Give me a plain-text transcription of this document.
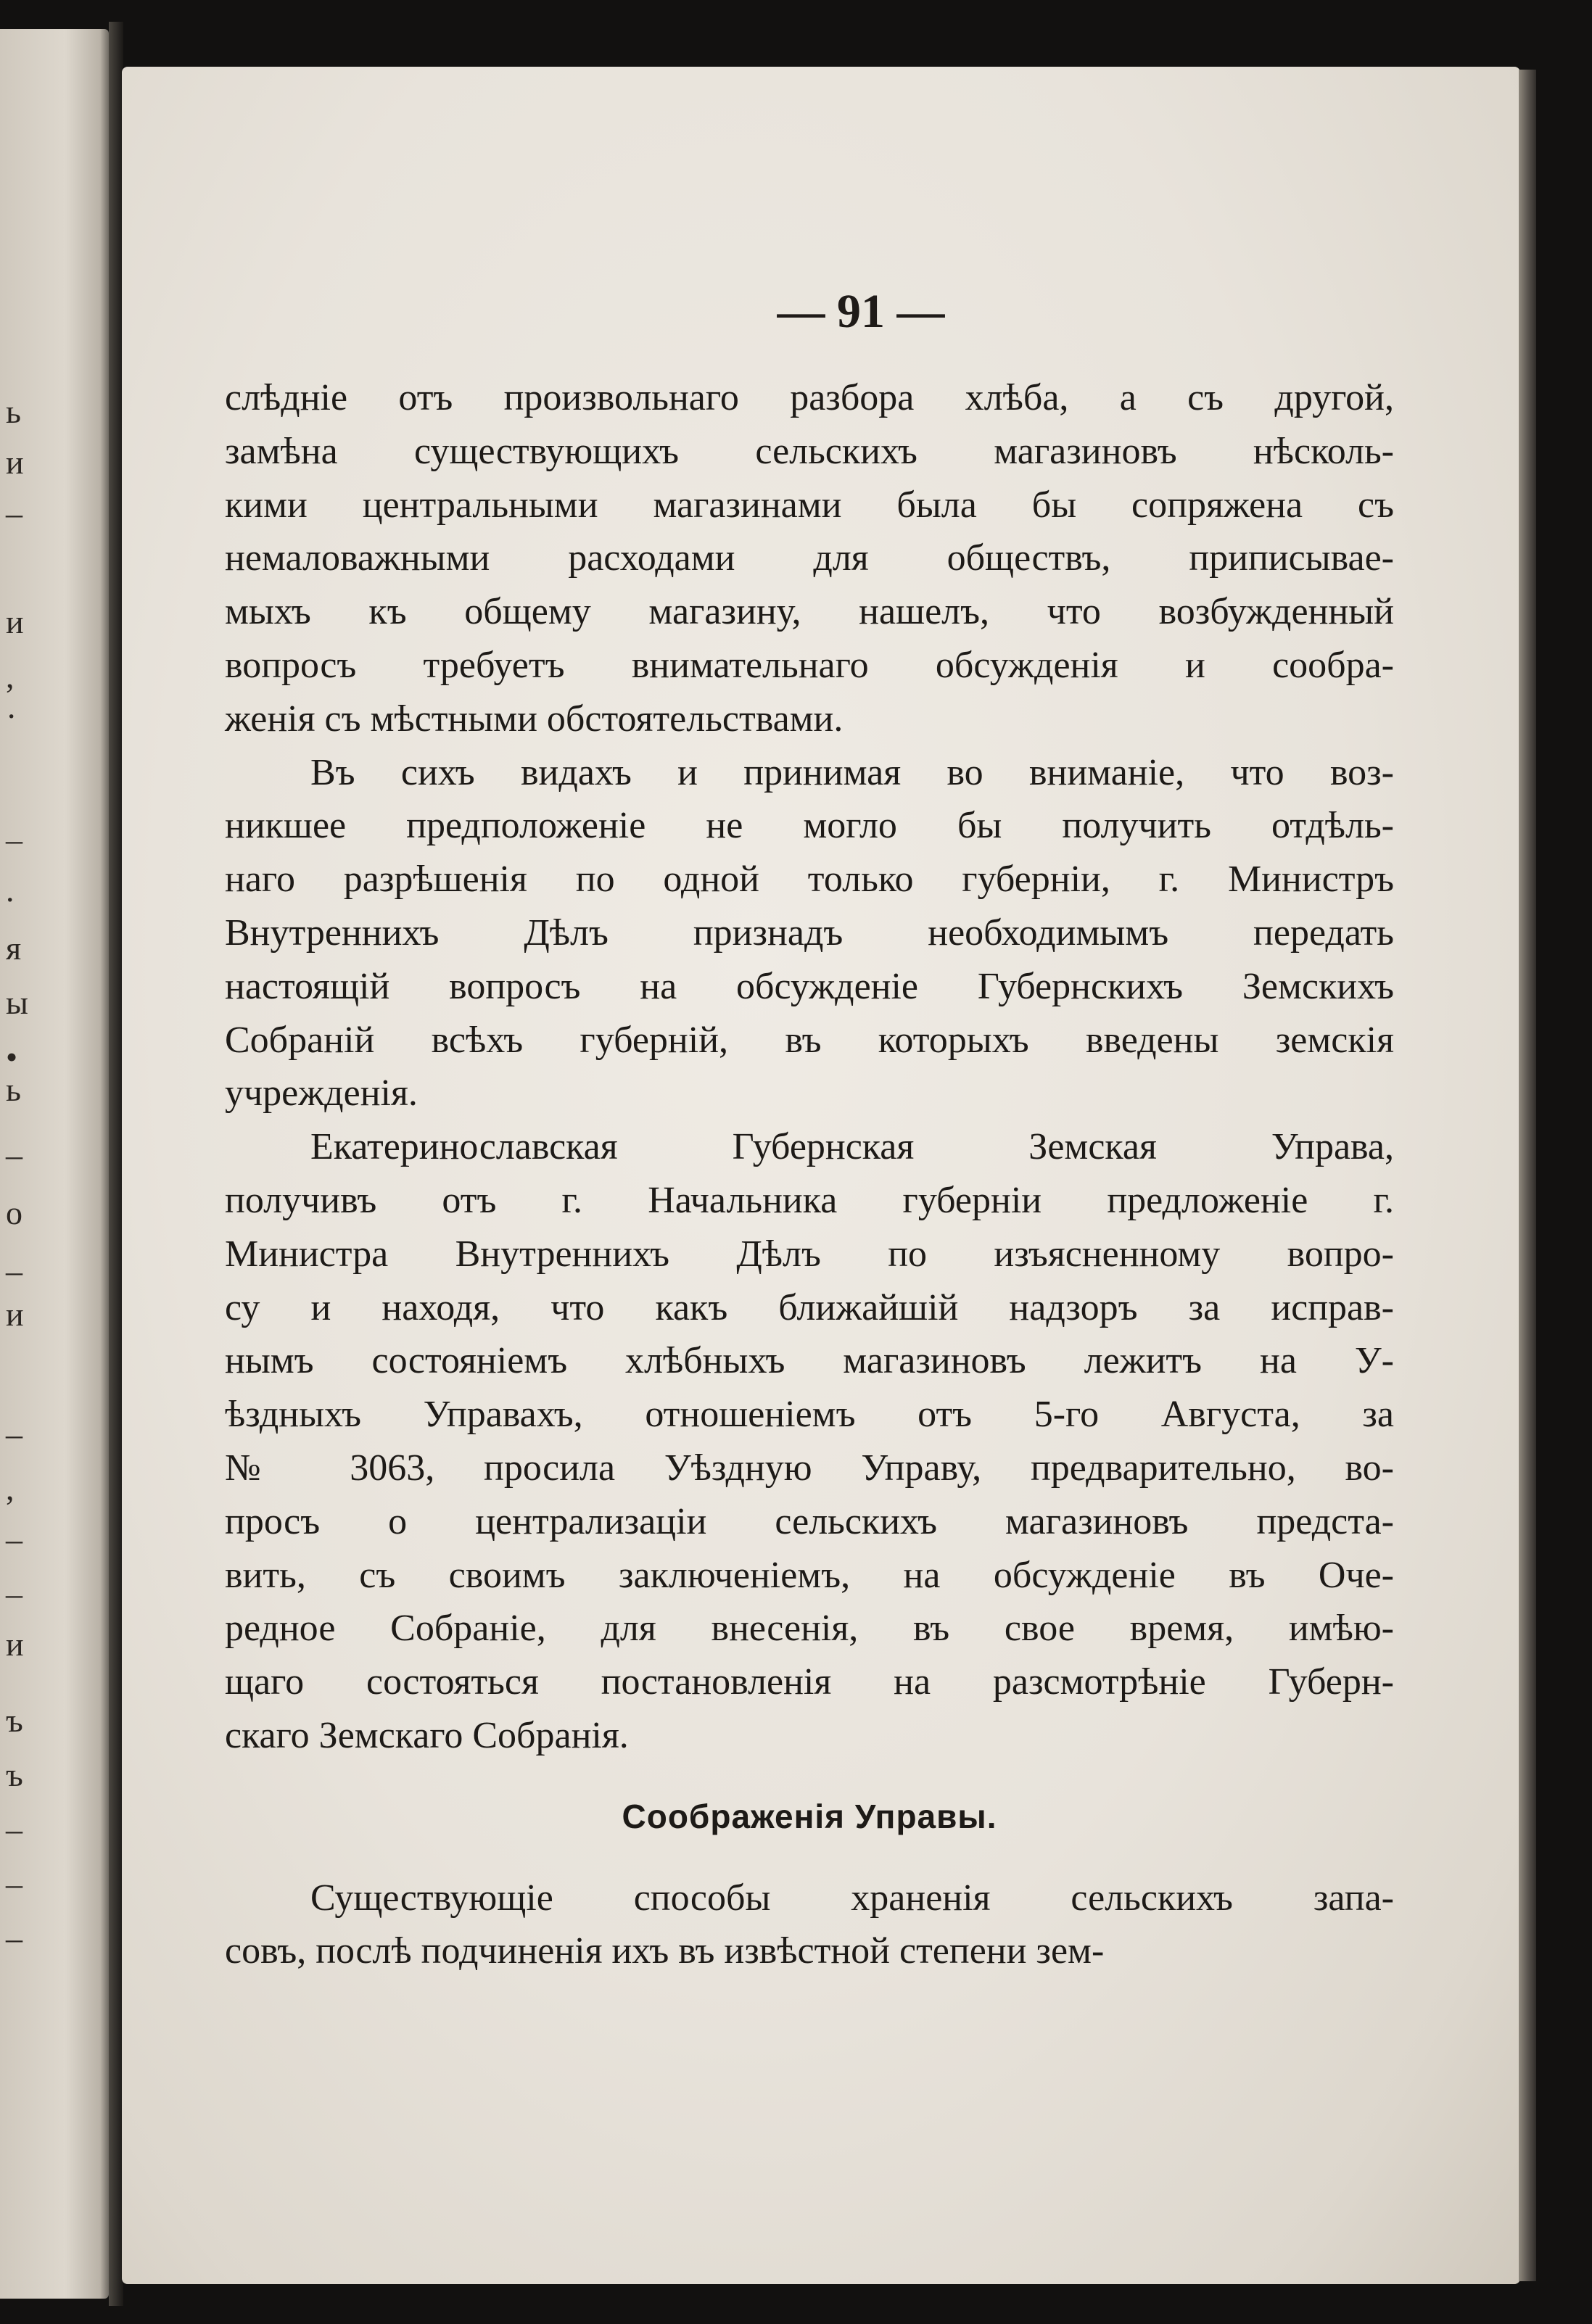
ь
и
–
и
,
·
–
.
я
ы
•
ь
–
о
–
и
–
,
–
–
и
ъ
ъ
–
–
–
— 91 —
слѣдніе отъ произвольнаго разбора хлѣба, а съ другой,
замѣна существующихъ сельскихъ магазиновъ нѣсколь-
кими центральными магазинами была бы сопряжена съ
немаловажными расходами для обществъ, приписывае-
мыхъ къ общему магазину, нашелъ, что возбужденный
вопросъ требуетъ внимательнаго обсужденія и сообра-
женія съ мѣстными обстоятельствами.
Въ сихъ видахъ и принимая во вниманіе, что воз-
никшее предположеніе не могло бы получить отдѣль-
наго разрѣшенія по одной только губерніи, г. Министръ
Внутреннихъ Дѣлъ признадъ необходимымъ передать
настоящій вопросъ на обсужденіе Губернскихъ Земскихъ
Собраній всѣхъ губерній, въ которыхъ введены земскія
учрежденія.
Екатеринославская Губернская Земская Управа,
получивъ отъ г. Начальника губерніи предложеніе г.
Министра Внутреннихъ Дѣлъ по изъясненному вопро-
су и находя, что какъ ближайшій надзоръ за исправ-
нымъ состояніемъ хлѣбныхъ магазиновъ лежитъ на У-
ѣздныхъ Управахъ, отношеніемъ отъ 5-го Августа, за
№ 3063, просила Уѣздную Управу, предварительно, во-
просъ о централизаціи сельскихъ магазиновъ предста-
вить, съ своимъ заключеніемъ, на обсужденіе въ Оче-
редное Собраніе, для внесенія, въ свое время, имѣю-
щаго состояться постановленія на разсмотрѣніе Губерн-
скаго Земскаго Собранія.
Соображенія Управы.
Существующіе способы храненія сельскихъ запа-
совъ, послѣ подчиненія ихъ въ извѣстной степени зем-
